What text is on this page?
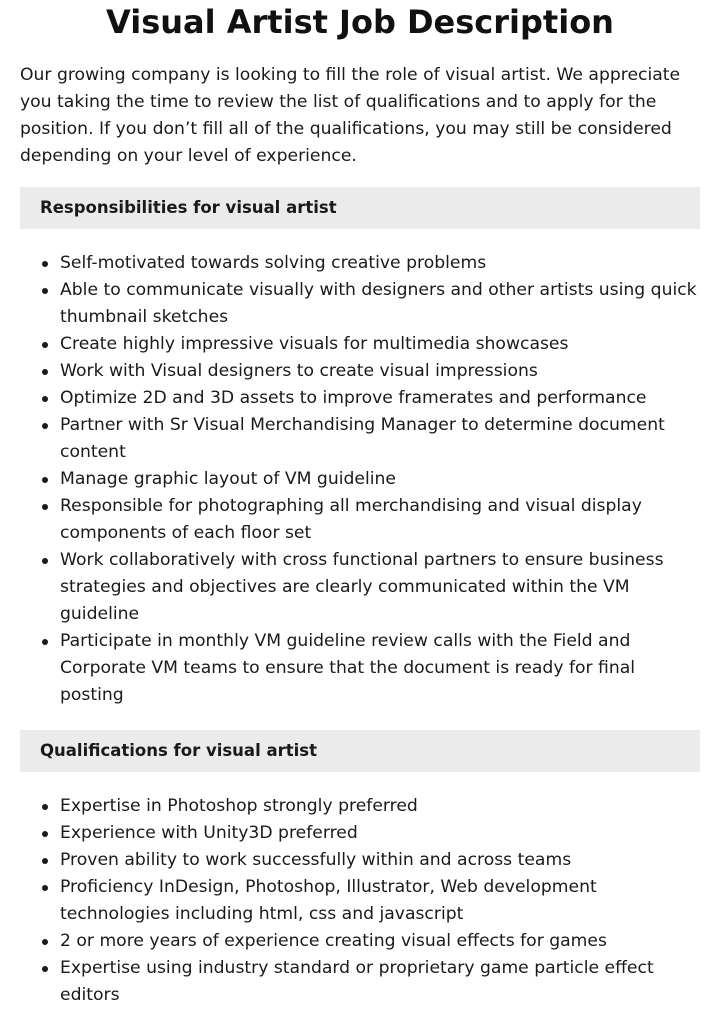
Visual Artist Job Description

Our growing company is looking to fill the role of visual artist. We appreciate you taking the time to review the list of qualifications and to apply for the position. If you don’t fill all of the qualifications, you may still be considered depending on your level of experience.

Responsibilities for visual artist
Self-motivated towards solving creative problems
Able to communicate visually with designers and other artists using quick thumbnail sketches
Create highly impressive visuals for multimedia showcases
Work with Visual designers to create visual impressions
Optimize 2D and 3D assets to improve framerates and performance
Partner with Sr Visual Merchandising Manager to determine document content
Manage graphic layout of VM guideline
Responsible for photographing all merchandising and visual display components of each floor set
Work collaboratively with cross functional partners to ensure business strategies and objectives are clearly communicated within the VM guideline
Participate in monthly VM guideline review calls with the Field and Corporate VM teams to ensure that the document is ready for final posting
Qualifications for visual artist
Expertise in Photoshop strongly preferred
Experience with Unity3D preferred
Proven ability to work successfully within and across teams
Proficiency InDesign, Photoshop, Illustrator, Web development technologies including html, css and javascript
2 or more years of experience creating visual effects for games
Expertise using industry standard or proprietary game particle effect editors
